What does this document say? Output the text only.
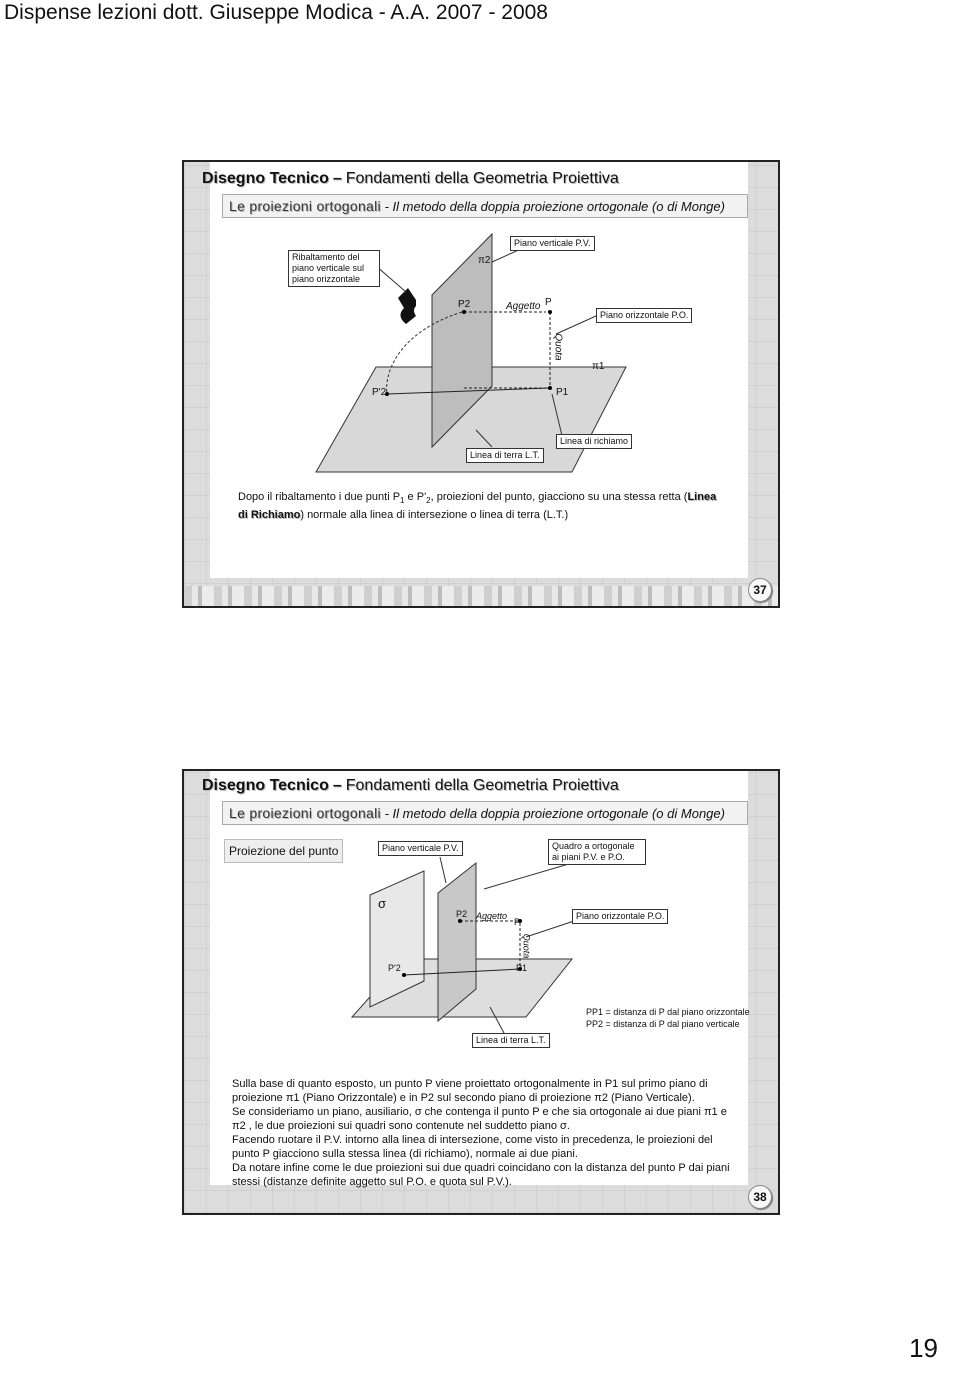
Dispense lezioni dott. Giuseppe Modica - A.A. 2007 - 2008
Disegno Tecnico – Fondamenti della Geometria Proiettiva
Le proiezioni ortogonali - Il metodo della doppia proiezione ortogonale (o di Monge)
Ribaltamento del piano verticale sul piano orizzontale
Piano verticale P.V.
π2
P2	Aggetto P
Piano orizzontale P.O.
Quota
π1
P'2	P1
Linea di richiamo
Linea di terra L.T.
Dopo il ribaltamento i due punti $P_1$ e $P'_2$, proiezioni del punto, giacciono su una stessa retta (Linea di Richiamo) normale alla linea di intersezione o linea di terra (L.T.)
37
Disegno Tecnico – Fondamenti della Geometria Proiettiva
Le proiezioni ortogonali - Il metodo della doppia proiezione ortogonale (o di Monge)
Proiezione del punto	Piano verticale P.V.	Quadro a ortogonale ai piani P.V. e P.O.
σ
P2 Aggetto
P
Piano orizzontale P.O.
Quota
P'2	P1
PP1 = distanza di P dal piano orizzontale
PP2 = distanza di P dal piano verticale
Linea di terra L.T.

Sulla base di quanto esposto, un punto P viene proiettato ortogonalmente in P1 sul primo piano di proiezione π1 (Piano Orizzontale) e in P2 sul secondo piano di proiezione π2 (Piano Verticale).

Se consideriamo un piano, ausiliario, σ che contenga il punto P e che sia ortogonale ai due piani π1 e π2 , le due proiezioni sui quadri sono contenute nel suddetto piano σ.

Facendo ruotare il P.V. intorno alla linea di intersezione, come visto in precedenza, le proiezioni del punto P giacciono sulla stessa linea (di richiamo), normale ai due piani.

Da notare infine come le due proiezioni sui due quadri coincidano con la distanza del punto P dai piani stessi (distanze definite aggetto sul P.O. e quota sul P.V.).

38
19
